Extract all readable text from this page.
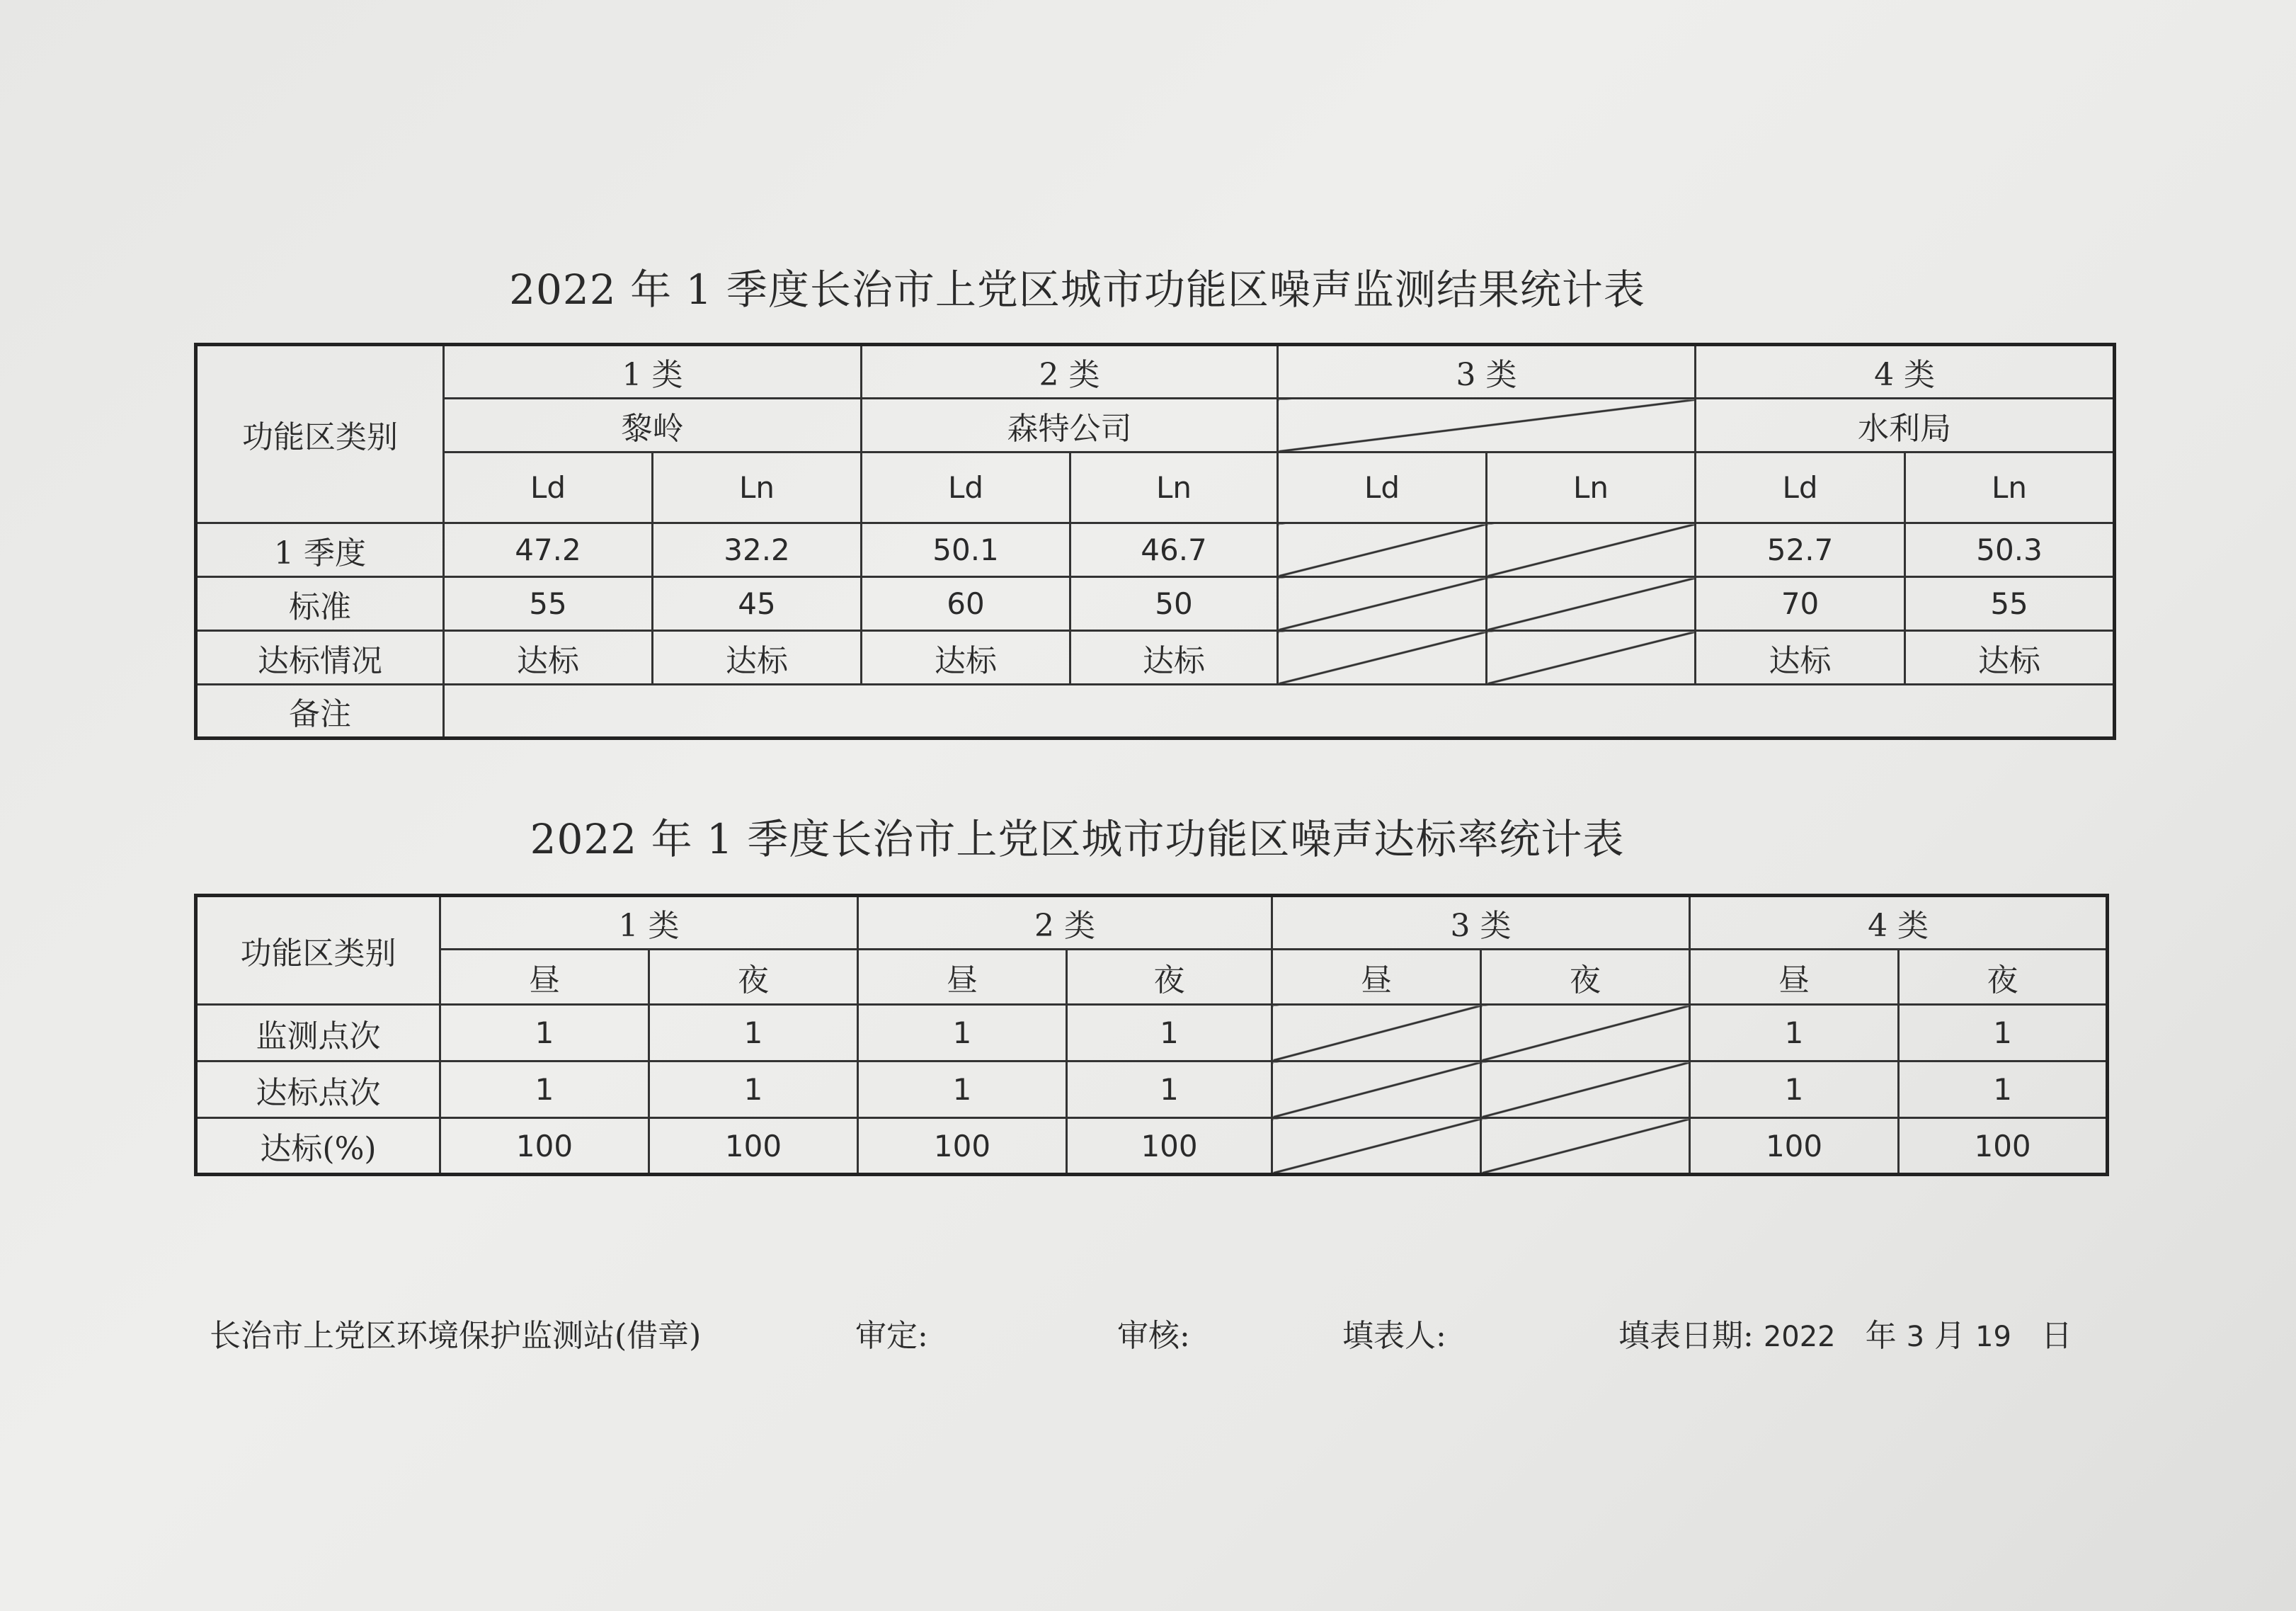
2022 年 1 季度长治市上党区城市功能区噪声监测结果统计表
功能区类别	1 类		2 类		3 类		4 类	
	黎岭		森特公司				水利局	
	Ld	Ln	Ld	Ln	Ld	Ln	Ld	Ln
1 季度	47.2	32.2	50.1	46.7			52.7	50.3
标准	55	45	60	50			70	55
达标情况	达标	达标	达标	达标			达标	达标
备注								
2022 年 1 季度长治市上党区城市功能区噪声达标率统计表
功能区类别	1 类		2 类		3 类		4 类	
	昼	夜	昼	夜	昼	夜	昼	夜
监测点次	1	1	1	1			1	1
达标点次	1	1	1	1			1	1
达标(%)	100	100	100	100			100	100
长治市上党区环境保护监测站(借章)	审定:	审核:	填表人:	填表日期: 2022 年 3 月 19 日
